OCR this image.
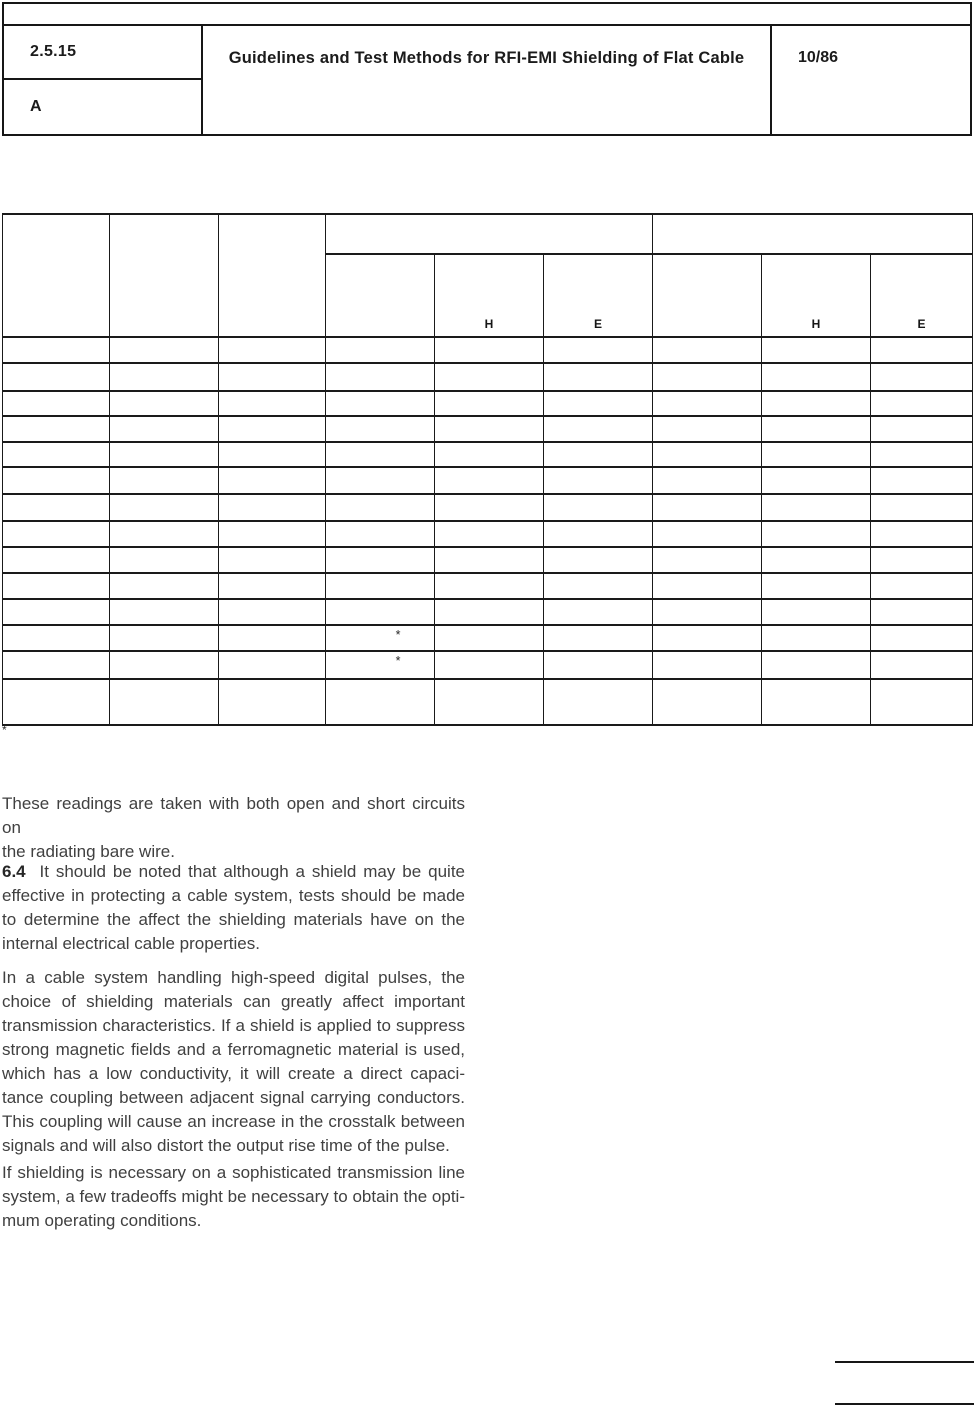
2.5.15
A
Guidelines and Test Methods for RFI-EMI Shielding of Flat Cable	10/86

				H	E		H	E

			*					
			*					

*
These readings are taken with both open and short circuits on
the radiating bare wire.
6.4 It should be noted that although a shield may be quite
effective in protecting a cable system, tests should be made
to determine the affect the shielding materials have on the
internal electrical cable properties.
In a cable system handling high-speed digital pulses, the
choice of shielding materials can greatly affect important
transmission characteristics. If a shield is applied to suppress
strong magnetic fields and a ferromagnetic material is used,
which has a low conductivity, it will create a direct capaci-
tance coupling between adjacent signal carrying conductors.
This coupling will cause an increase in the crosstalk between
signals and will also distort the output rise time of the pulse.
If shielding is necessary on a sophisticated transmission line
system, a few tradeoffs might be necessary to obtain the opti-
mum operating conditions.
